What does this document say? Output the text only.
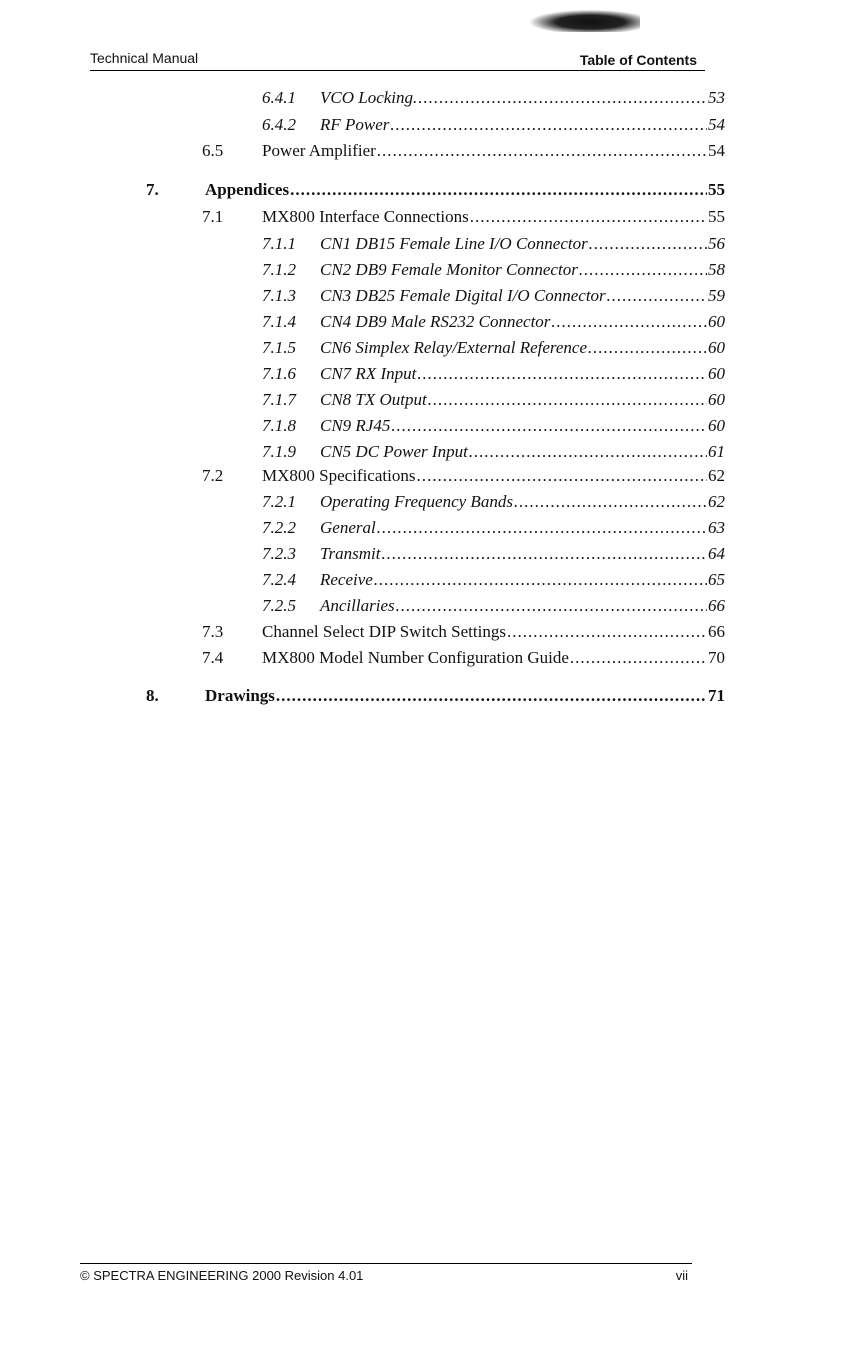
Technical Manual	Table of Contents
6.4.1 VCO Locking. .....	53
6.4.2 RF Power .....	54
6.5 Power Amplifier .....	54
7.	Appendices .....	55
7.1 MX800 Interface Connections .....	55
7.1.1 CN1 DB15 Female Line I/O Connector .....	56
7.1.2 CN2 DB9 Female Monitor Connector .....	58
7.1.3 CN3 DB25 Female Digital I/O Connector .....	59
7.1.4 CN4 DB9 Male RS232 Connector .....	60
7.1.5 CN6 Simplex Relay/External Reference .....	60
7.1.6 CN7 RX Input .....	60
7.1.7 CN8 TX Output .....	60
7.1.8 CN9 RJ45 .....	60
7.1.9 CN5 DC Power Input .....	61
7.2 MX800 Specifications .....	62
7.2.1 Operating Frequency Bands .....	62
7.2.2 General .....	63
7.2.3 Transmit .....	64
7.2.4 Receive .....	65
7.2.5 Ancillaries .....	66
7.3 Channel Select DIP Switch Settings .....	66
7.4 MX800 Model Number Configuration Guide .....	70
8.	Drawings .....	71
© SPECTRA ENGINEERING 2000 Revision 4.01	vii
